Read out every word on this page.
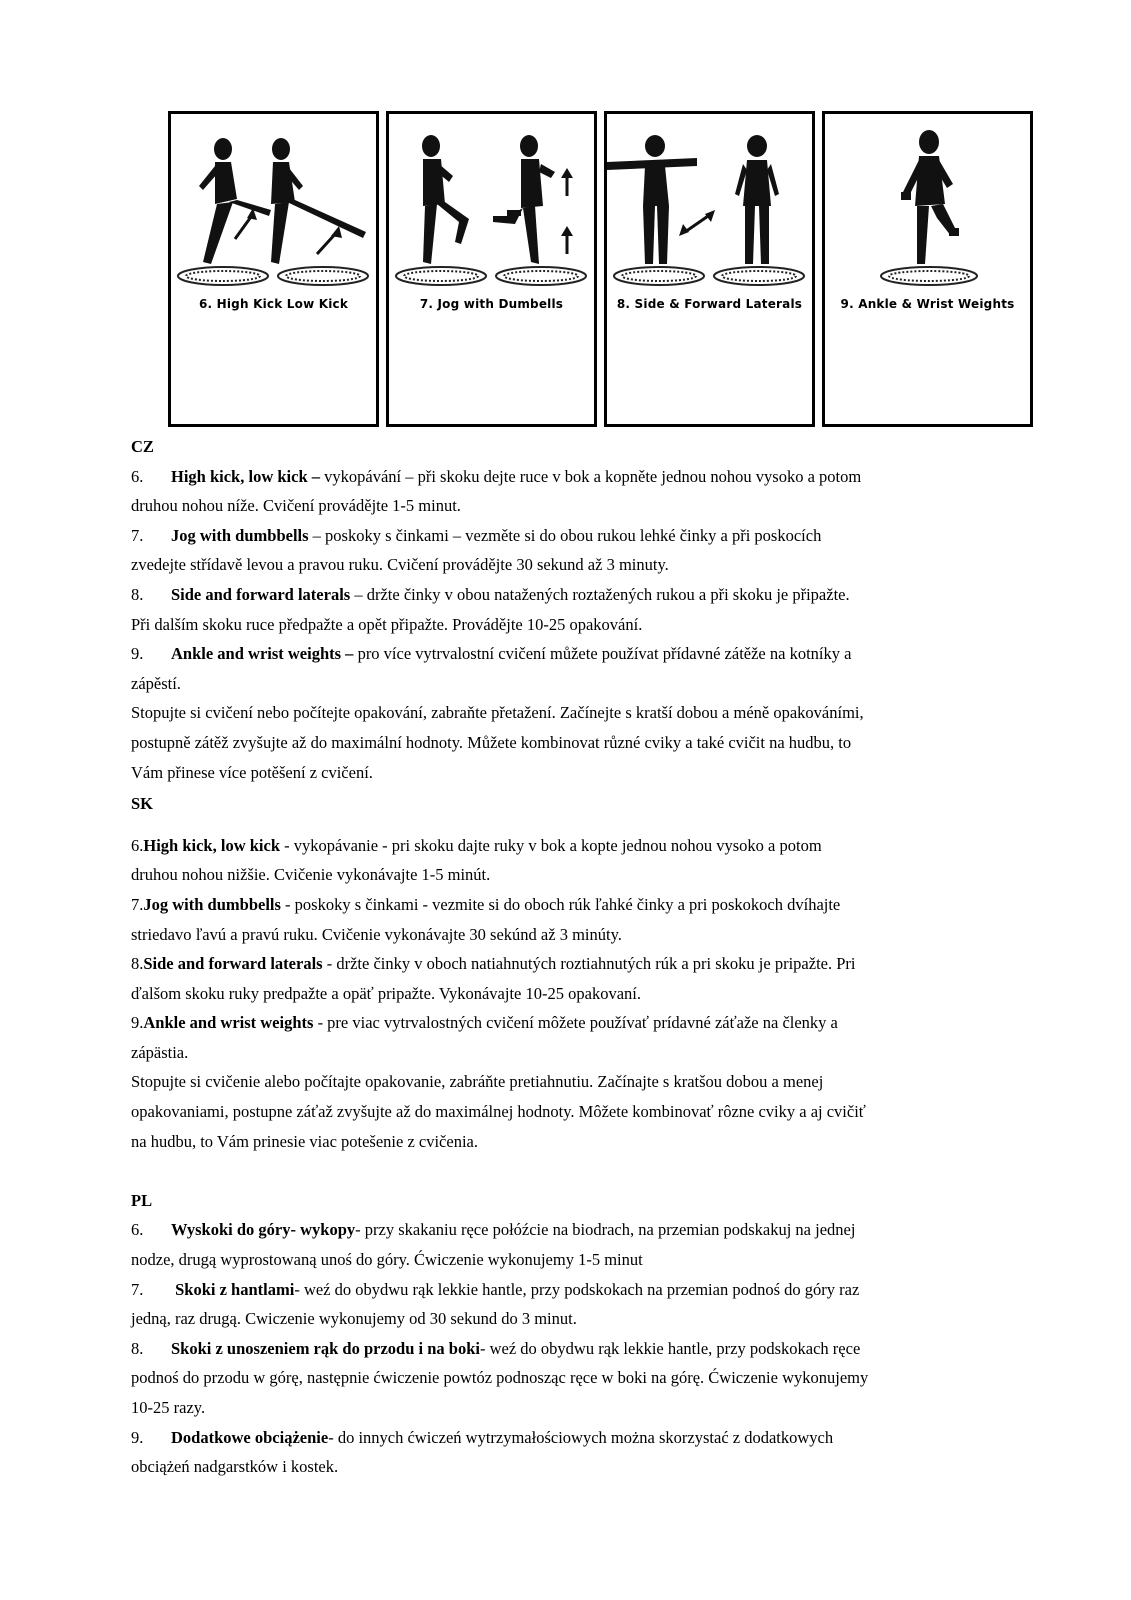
6. High Kick Low Kick	7. Jog with Dumbells	8. Side & Forward Laterals	9. Ankle & Wrist Weights

CZ

6. High kick, low kick – vykopávání – při skoku dejte ruce v bok a kopněte jednou nohou vysoko a potom

druhou nohou níže. Cvičení provádějte 1-5 minut.

7. Jog with dumbbells – poskoky s činkami – vezměte si do obou rukou lehké činky a při poskocích

zvedejte střídavě levou a pravou ruku. Cvičení provádějte 30 sekund až 3 minuty.

8. Side and forward laterals – držte činky v obou natažených roztažených rukou a při skoku je připažte.

Při dalším skoku ruce předpažte a opět připažte. Provádějte 10-25 opakování.

9. Ankle and wrist weights – pro více vytrvalostní cvičení můžete používat přídavné zátěže na kotníky a

zápěstí.

Stopujte si cvičení nebo počítejte opakování, zabraňte přetažení. Začínejte s kratší dobou a méně opakováními,

postupně zátěž zvyšujte až do maximální hodnoty. Můžete kombinovat různé cviky a také cvičit na hudbu, to

Vám přinese více potěšení z cvičení.

SK

6.High kick, low kick - vykopávanie - pri skoku dajte ruky v bok a kopte jednou nohou vysoko a potom

druhou nohou nižšie. Cvičenie vykonávajte 1-5 minút.

7.Jog with dumbbells - poskoky s činkami - vezmite si do oboch rúk ľahké činky a pri poskokoch dvíhajte

striedavo ľavú a pravú ruku. Cvičenie vykonávajte 30 sekúnd až 3 minúty.

8.Side and forward laterals - držte činky v oboch natiahnutých roztiahnutých rúk a pri skoku je pripažte. Pri

ďalšom skoku ruky predpažte a opäť pripažte. Vykonávajte 10-25 opakovaní.

9.Ankle and wrist weights - pre viac vytrvalostných cvičení môžete používať prídavné záťaže na členky a

zápästia.

Stopujte si cvičenie alebo počítajte opakovanie, zabráňte pretiahnutiu. Začínajte s kratšou dobou a menej

opakovaniami, postupne záťaž zvyšujte až do maximálnej hodnoty. Môžete kombinovať rôzne cviky a aj cvičiť

na hudbu, to Vám prinesie viac potešenie z cvičenia.

PL

6. Wyskoki do góry- wykopy- przy skakaniu ręce połóźcie na biodrach, na przemian podskakuj na jednej

nodze, drugą wyprostowaną unoś do góry. Ćwiczenie wykonujemy 1-5 minut

7. Skoki z hantlami- weź do obydwu rąk lekkie hantle, przy podskokach na przemian podnoś do góry raz

jedną, raz drugą. Cwiczenie wykonujemy od 30 sekund do 3 minut.

8. Skoki z unoszeniem rąk do przodu i na boki- weź do obydwu rąk lekkie hantle, przy podskokach ręce

podnoś do przodu w górę, następnie ćwiczenie powtóz podnosząc ręce w boki na górę. Ćwiczenie wykonujemy

10-25 razy.

9. Dodatkowe obciążenie- do innych ćwiczeń wytrzymałościowych można skorzystać z dodatkowych

obciążeń nadgarstków i kostek.
